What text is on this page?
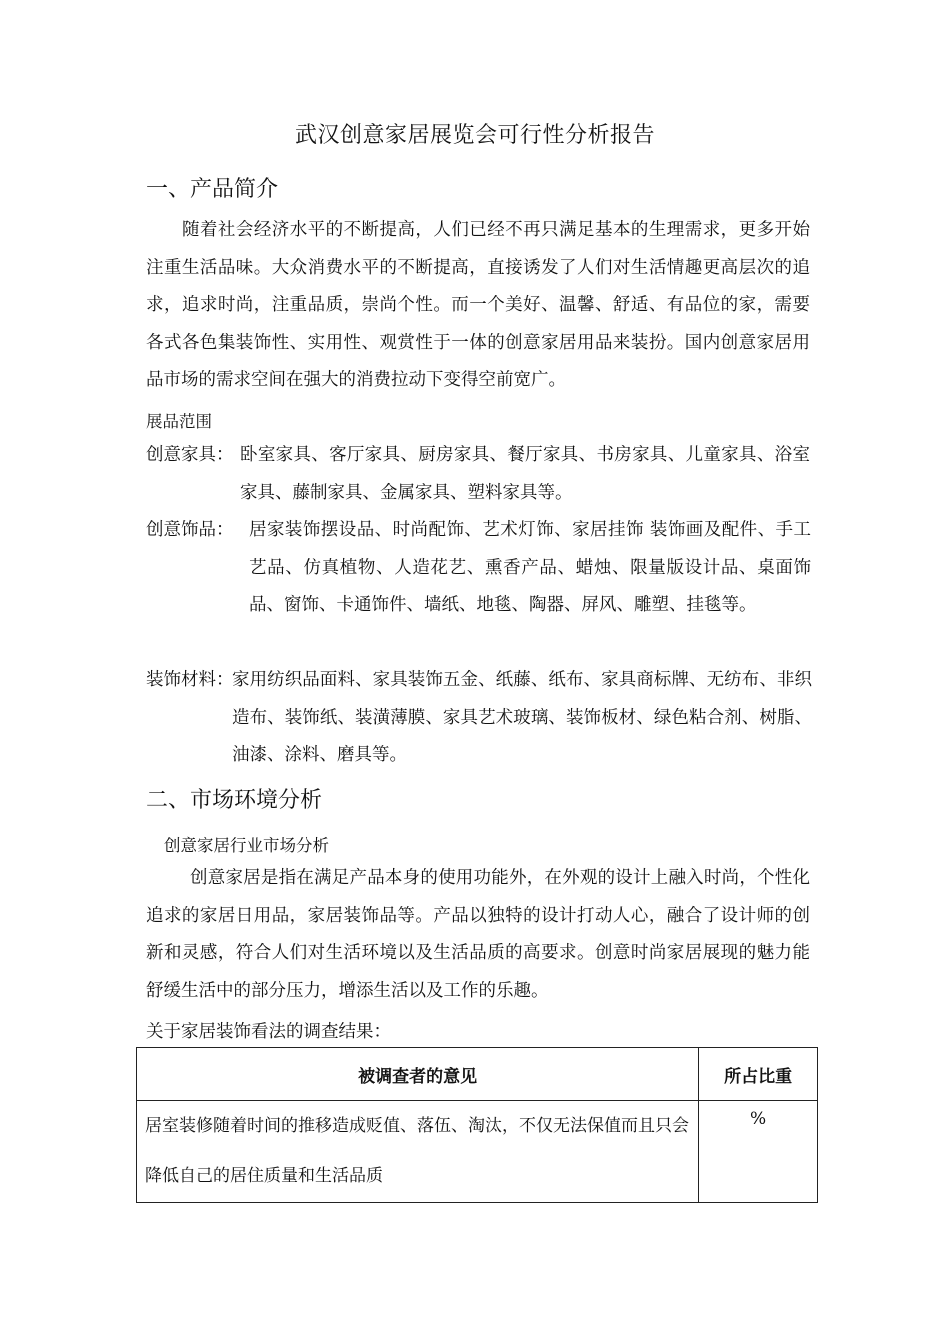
武汉创意家居展览会可行性分析报告
一、产品简介

随着社会经济水平的不断提高，人们已经不再只满足基本的生理需求，更多开始注重生活品味。大众消费水平的不断提高，直接诱发了人们对生活情趣更高层次的追求，追求时尚，注重品质，崇尚个性。而一个美好、温馨、舒适、有品位的家，需要各式各色集装饰性、实用性、观赏性于一体的创意家居用品来装扮。国内创意家居用品市场的需求空间在强大的消费拉动下变得空前宽广。

展品范围
创意家具： 卧室家具、客厅家具、厨房家具、餐厅家具、书房家具、儿童家具、浴室家具、藤制家具、金属家具、塑料家具等。
创意饰品： 居家装饰摆设品、时尚配饰、艺术灯饰、家居挂饰 装饰画及配件、手工艺品、仿真植物、人造花艺、熏香产品、蜡烛、限量版设计品、桌面饰品、窗饰、卡通饰件、墙纸、地毯、陶器、屏风、雕塑、挂毯等。
装饰材料：
家用纺织品面料、家具装饰五金、纸藤、纸布、家具商标牌、无纺布、非织造布、装饰纸、装潢薄膜、家具艺术玻璃、装饰板材、绿色粘合剂、树脂、油漆、涂料、磨具等。
二、市场环境分析
创意家居行业市场分析

创意家居是指在满足产品本身的使用功能外，在外观的设计上融入时尚，个性化追求的家居日用品，家居装饰品等。产品以独特的设计打动人心，融合了设计师的创新和灵感，符合人们对生活环境以及生活品质的高要求。创意时尚家居展现的魅力能舒缓生活中的部分压力，增添生活以及工作的乐趣。

关于家居装饰看法的调查结果：
被调查者的意见	所占比重
居室装修随着时间的推移造成贬值、落伍、淘汰，不仅无法保值而且只会降低自己的居住质量和生活品质	%
